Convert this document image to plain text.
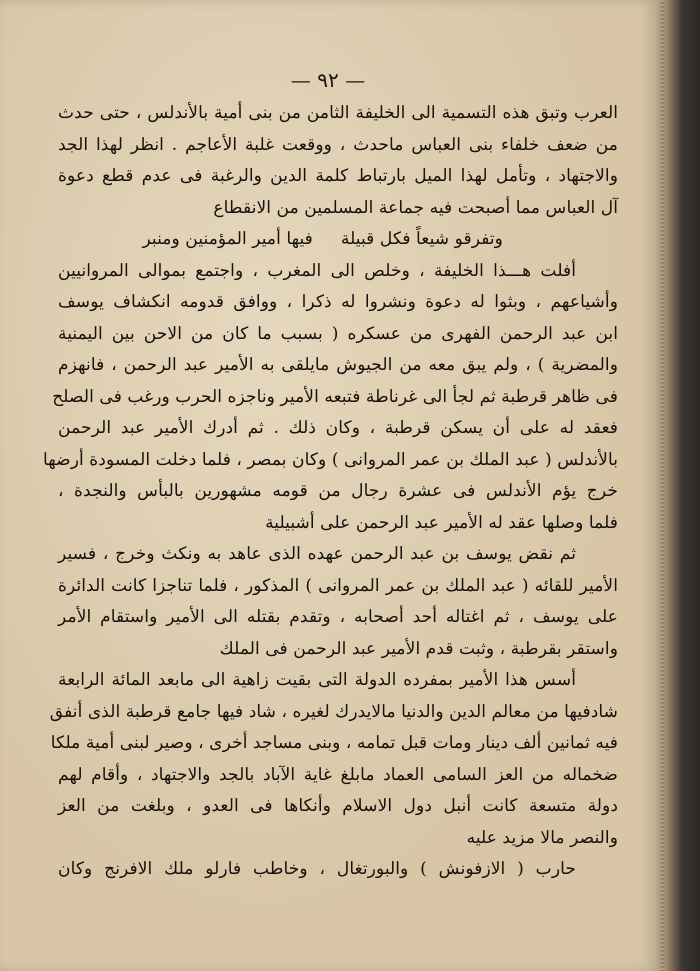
— ٩٢ —
العرب وتبق هذه التسمية الى الخليفة الثامن من بنى أمية بالأندلس ، حتى حدث
من ضعف خلفاء بنى العباس ماحدث ، ووقعت غلبة الأعاجم . انظر لهذا الجد
والاجتهاد ، وتأمل لهذا الميل بارتباط كلمة الدين والرغبة فى عدم قطع دعوة
آل العباس مما أصبحت فيه جماعة المسلمين من الانقطاع
وتفرقو شيعاً فكل قبيلةفيها أمير المؤمنين ومنبر
أفلت هـــذا الخليفة ، وخلص الى المغرب ، واجتمع بموالى المروانيين
وأشياعهم ، وبثوا له دعوة ونشروا له ذكرا ، ووافق قدومه انكشاف يوسف
ابن عبد الرحمن الفهرى من عسكره ( بسبب ما كان من الاحن بين اليمنية
والمضرية ) ، ولم يبق معه من الجيوش مايلقى به الأمير عبد الرحمن ، فانهزم
فى ظاهر قرطبة ثم لجأ الى غرناطة فتبعه الأمير وناجزه الحرب ورغب فى الصلح
فعقد له على أن يسكن قرطبة ، وكان ذلك . ثم أدرك الأمير عبد الرحمن
بالأندلس ( عبد الملك بن عمر المروانى ) وكان بمصر ، فلما دخلت المسودة أرضها
خرج يؤم الأندلس فى عشرة رجال من قومه مشهورين بالبأس والنجدة ،
فلما وصلها عقد له الأمير عبد الرحمن على أشبيلية
ثم نقض يوسف بن عبد الرحمن عهده الذى عاهد به ونكث وخرج ، فسير
الأمير للقائه ( عبد الملك بن عمر المروانى ) المذكور ، فلما تناجزا كانت الدائرة
على يوسف ، ثم اغتاله أحد أصحابه ، وتقدم بقتله الى الأمير واستقام الأمر
واستقر بقرطبة ، وثبت قدم الأمير عبد الرحمن فى الملك
أسس هذا الأمير بمفرده الدولة التى بقيت زاهية الى مابعد المائة الرابعة
شادفيها من معالم الدين والدنيا مالايدرك لغيره ، شاد فيها جامع قرطبة الذى أنفق
فيه ثمانين ألف دينار ومات قبل تمامه ، وبنى مساجد أخرى ، وصير لبنى أمية ملكا
ضخماله من العز السامى العماد مابلغ غاية الآباد بالجد والاجتهاد ، وأقام لهم
دولة متسعة كانت أنبل دول الاسلام وأنكاها فى العدو ، وبلغت من العز
والنصر مالا مزيد عليه
حارب ( الازفونش ) والبورتغال ، وخاطب فارلو ملك الافرنج وكان
